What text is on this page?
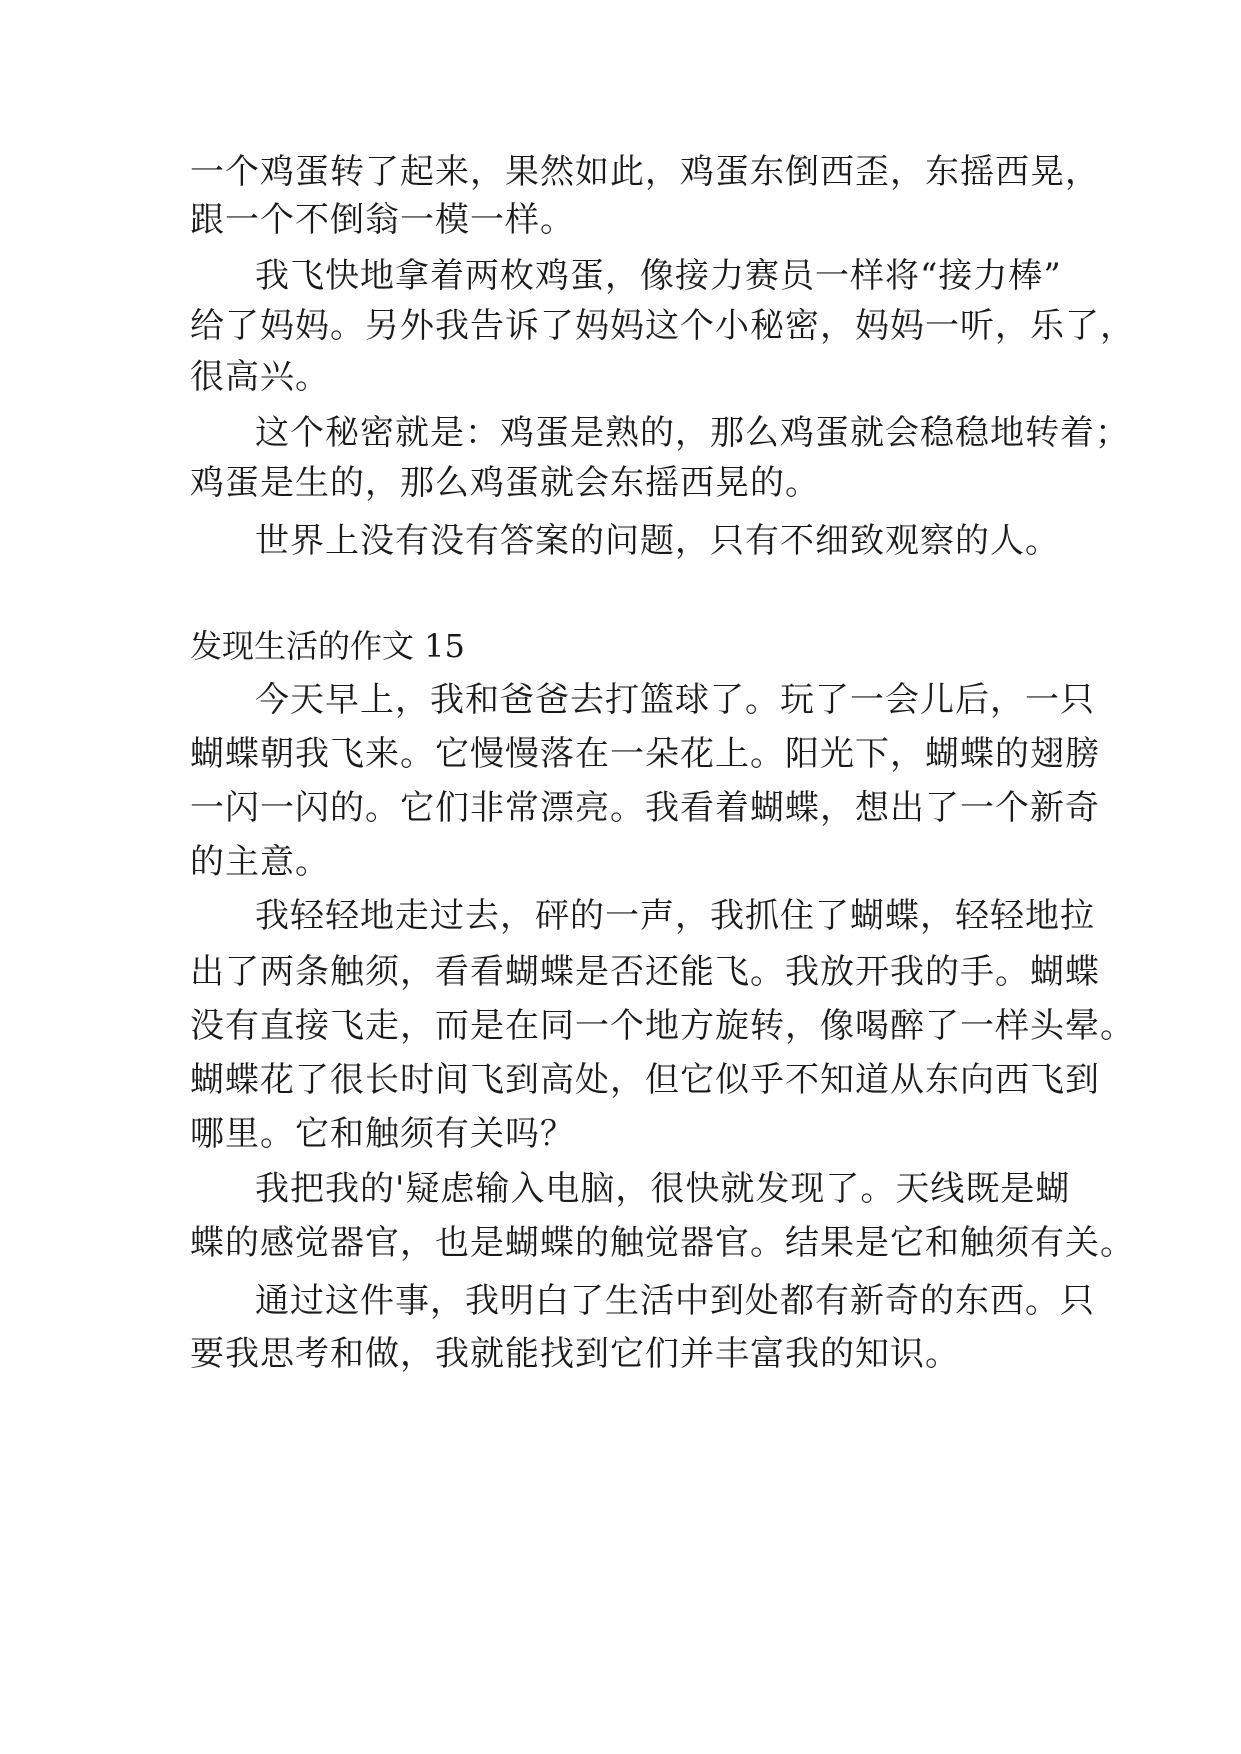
一个鸡蛋转了起来，果然如此，鸡蛋东倒西歪，东摇西晃，
跟一个不倒翁一模一样。
我飞快地拿着两枚鸡蛋，像接力赛员一样将“接力棒”
给了妈妈。另外我告诉了妈妈这个小秘密，妈妈一听，乐了，
很高兴。
这个秘密就是：鸡蛋是熟的，那么鸡蛋就会稳稳地转着；
鸡蛋是生的，那么鸡蛋就会东摇西晃的。
世界上没有没有答案的问题，只有不细致观察的人。
发现生活的作文 15
今天早上，我和爸爸去打篮球了。玩了一会儿后，一只
蝴蝶朝我飞来。它慢慢落在一朵花上。阳光下，蝴蝶的翅膀
一闪一闪的。它们非常漂亮。我看着蝴蝶，想出了一个新奇
的主意。
我轻轻地走过去，砰的一声，我抓住了蝴蝶，轻轻地拉
出了两条触须，看看蝴蝶是否还能飞。我放开我的手。蝴蝶
没有直接飞走，而是在同一个地方旋转，像喝醉了一样头晕。
蝴蝶花了很长时间飞到高处，但它似乎不知道从东向西飞到
哪里。它和触须有关吗？
我把我的'疑虑输入电脑，很快就发现了。天线既是蝴
蝶的感觉器官，也是蝴蝶的触觉器官。结果是它和触须有关。
通过这件事，我明白了生活中到处都有新奇的东西。只
要我思考和做，我就能找到它们并丰富我的知识。
